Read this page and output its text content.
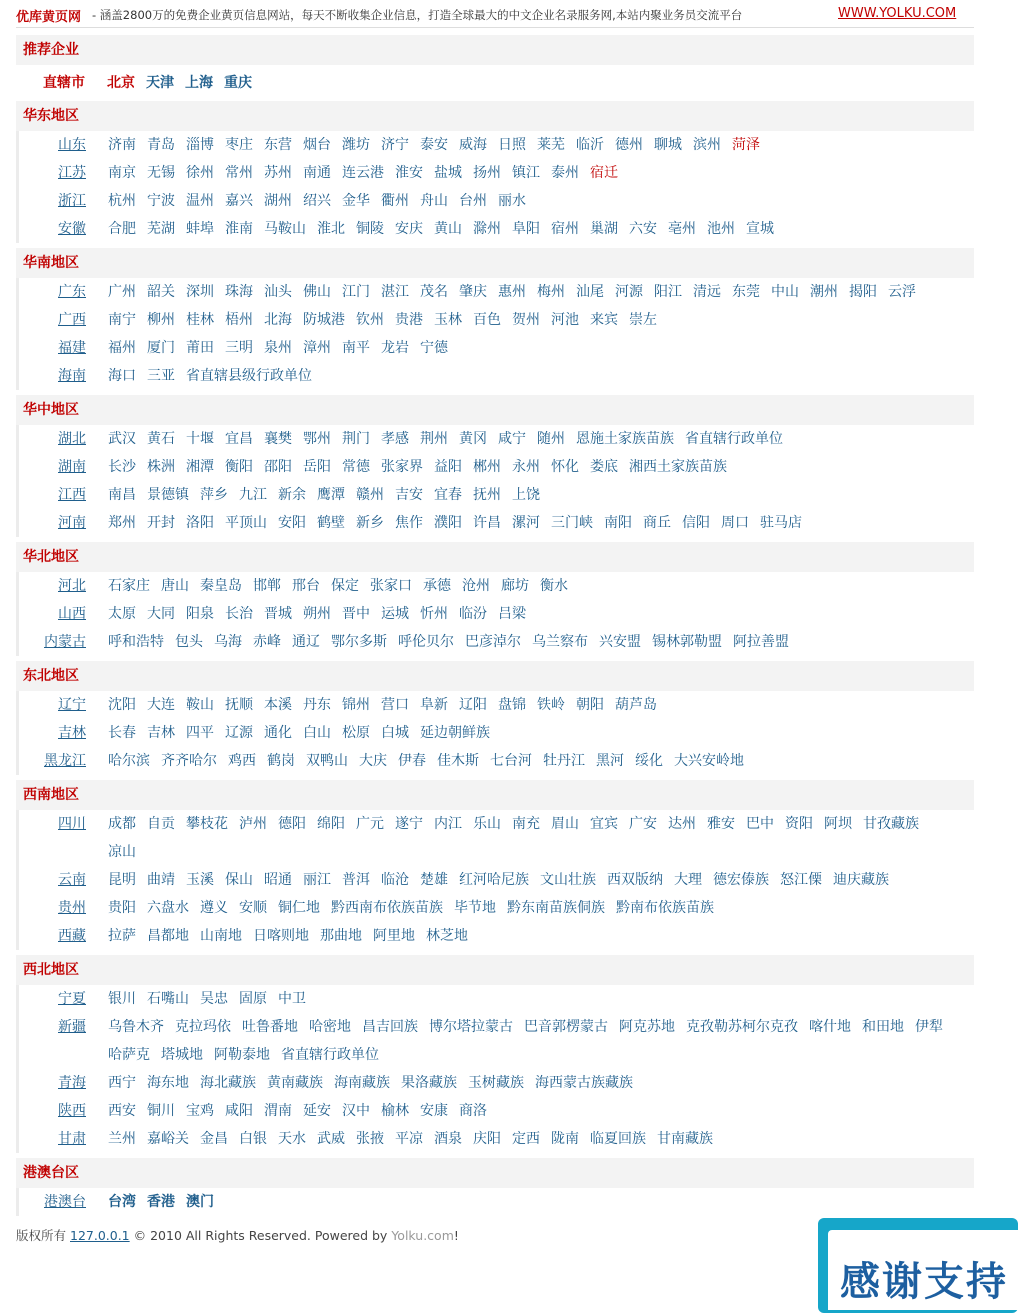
优库黄页网 - 涵盖2800万的免费企业黄页信息网站，每天不断收集企业信息，打造全球最大的中文企业名录服务网,本站内聚业务员交流平台	WWW.YOLKU.COM
推荐企业
直辖市 北京 天津 上海 重庆
华东地区
山东	济南 青岛 淄博 枣庄 东营 烟台 潍坊 济宁 泰安 威海 日照 莱芜 临沂 德州 聊城 滨州 菏泽
江苏	南京 无锡 徐州 常州 苏州 南通 连云港 淮安 盐城 扬州 镇江 泰州 宿迁
浙江	杭州 宁波 温州 嘉兴 湖州 绍兴 金华 衢州 舟山 台州 丽水
安徽	合肥 芜湖 蚌埠 淮南 马鞍山 淮北 铜陵 安庆 黄山 滁州 阜阳 宿州 巢湖 六安 亳州 池州 宣城
华南地区
广东	广州 韶关 深圳 珠海 汕头 佛山 江门 湛江 茂名 肇庆 惠州 梅州 汕尾 河源 阳江 清远 东莞 中山 潮州 揭阳 云浮
广西	南宁 柳州 桂林 梧州 北海 防城港 钦州 贵港 玉林 百色 贺州 河池 来宾 崇左
福建	福州 厦门 莆田 三明 泉州 漳州 南平 龙岩 宁德
海南	海口 三亚 省直辖县级行政单位
华中地区
湖北	武汉 黄石 十堰 宜昌 襄樊 鄂州 荆门 孝感 荆州 黄冈 咸宁 随州 恩施土家族苗族 省直辖行政单位
湖南	长沙 株洲 湘潭 衡阳 邵阳 岳阳 常德 张家界 益阳 郴州 永州 怀化 娄底 湘西土家族苗族
江西	南昌 景德镇 萍乡 九江 新余 鹰潭 赣州 吉安 宜春 抚州 上饶
河南	郑州 开封 洛阳 平顶山 安阳 鹤壁 新乡 焦作 濮阳 许昌 漯河 三门峡 南阳 商丘 信阳 周口 驻马店
华北地区
河北	石家庄 唐山 秦皇岛 邯郸 邢台 保定 张家口 承德 沧州 廊坊 衡水
山西	太原 大同 阳泉 长治 晋城 朔州 晋中 运城 忻州 临汾 吕梁
内蒙古	呼和浩特 包头 乌海 赤峰 通辽 鄂尔多斯 呼伦贝尔 巴彦淖尔 乌兰察布 兴安盟 锡林郭勒盟 阿拉善盟
东北地区
辽宁	沈阳 大连 鞍山 抚顺 本溪 丹东 锦州 营口 阜新 辽阳 盘锦 铁岭 朝阳 葫芦岛
吉林	长春 吉林 四平 辽源 通化 白山 松原 白城 延边朝鲜族
黑龙江	哈尔滨 齐齐哈尔 鸡西 鹤岗 双鸭山 大庆 伊春 佳木斯 七台河 牡丹江 黑河 绥化 大兴安岭地
西南地区
四川	成都 自贡 攀枝花 泸州 德阳 绵阳 广元 遂宁 内江 乐山 南充 眉山 宜宾 广安 达州 雅安 巴中 资阳 阿坝 甘孜藏族凉山
云南	昆明 曲靖 玉溪 保山 昭通 丽江 普洱 临沧 楚雄 红河哈尼族 文山壮族 西双版纳 大理 德宏傣族 怒江傈 迪庆藏族
贵州	贵阳 六盘水 遵义 安顺 铜仁地 黔西南布依族苗族 毕节地 黔东南苗族侗族 黔南布依族苗族
西藏	拉萨 昌都地 山南地 日喀则地 那曲地 阿里地 林芝地
西北地区
宁夏	银川 石嘴山 吴忠 固原 中卫
新疆	乌鲁木齐 克拉玛依 吐鲁番地 哈密地 昌吉回族 博尔塔拉蒙古 巴音郭楞蒙古 阿克苏地 克孜勒苏柯尔克孜 喀什地 和田地 伊犁哈萨克 塔城地 阿勒泰地 省直辖行政单位
青海	西宁 海东地 海北藏族 黄南藏族 海南藏族 果洛藏族 玉树藏族 海西蒙古族藏族
陕西	西安 铜川 宝鸡 咸阳 渭南 延安 汉中 榆林 安康 商洛
甘肃	兰州 嘉峪关 金昌 白银 天水 武威 张掖 平凉 酒泉 庆阳 定西 陇南 临夏回族 甘南藏族
港澳台区
港澳台	台湾 香港 澳门
版权所有 127.0.0.1 © 2010 All Rights Reserved. Powered by Yolku.com!
感谢支持
